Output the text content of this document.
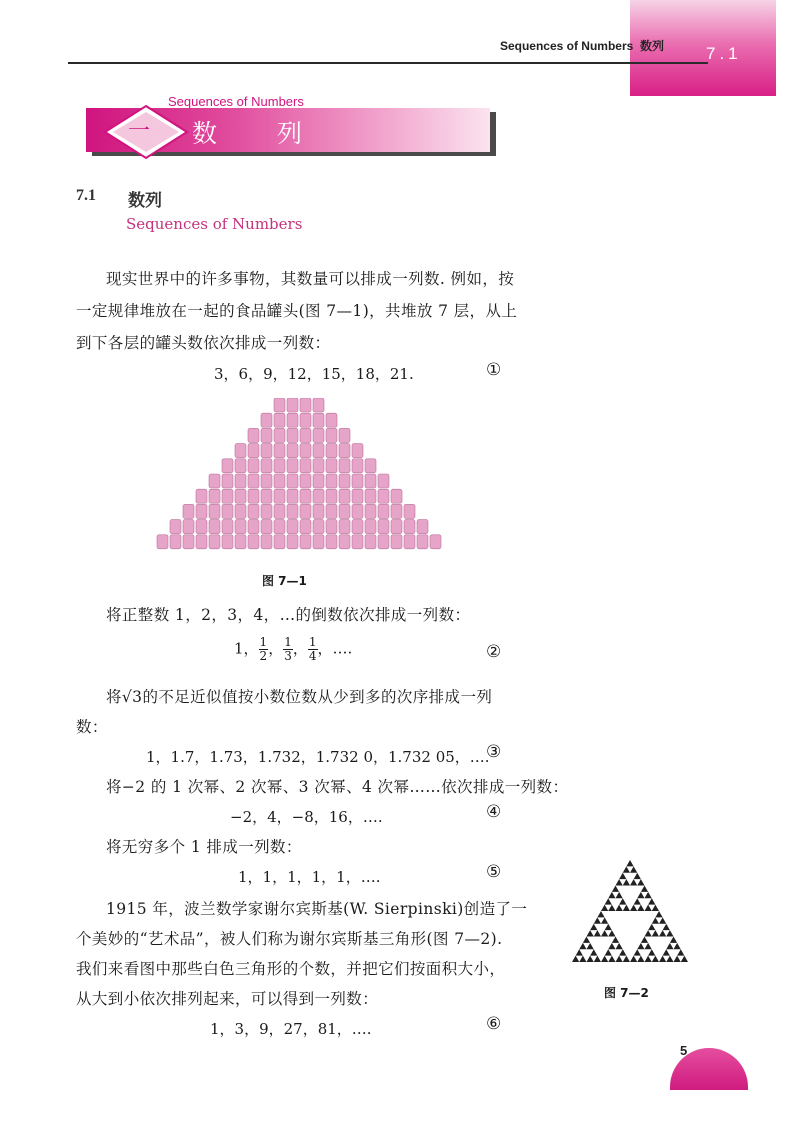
Sequences of Numbers  数列 7.1
一
Sequences of Numbers
数 列
7.1 数列
Sequences of Numbers

现实世界中的许多事物，其数量可以排成一列数. 例如，按

一定规律堆放在一起的食品罐头(图 7—1)，共堆放 7 层，从上

到下各层的罐头数依次排成一列数：

3，6，9，12，15，18，21.	①
图 7—1

将正整数 1，2，3，4，…的倒数依次排成一列数：

1， $\frac{1}{2}$ ， $\frac{1}{3}$ ， $\frac{1}{4}$ ，….	②

将√3的不足近似值按小数位数从少到多的次序排成一列

数：

1，1.7，1.73，1.732，1.732 0，1.732 05，….
③

将−2 的 1 次幂、2 次幂、3 次幂、4 次幂……依次排成一列数：

−2，4，−8，16，….	④

将无穷多个 1 排成一列数：

1，1，1，1，1，….	⑤

1915 年，波兰数学家谢尔宾斯基(W. Sierpinski)创造了一

个美妙的“艺术品”，被人们称为谢尔宾斯基三角形(图 7—2).

我们来看图中那些白色三角形的个数，并把它们按面积大小，

从大到小依次排列起来，可以得到一列数：

1，3，9，27，81，….	⑥
图 7—2
5
